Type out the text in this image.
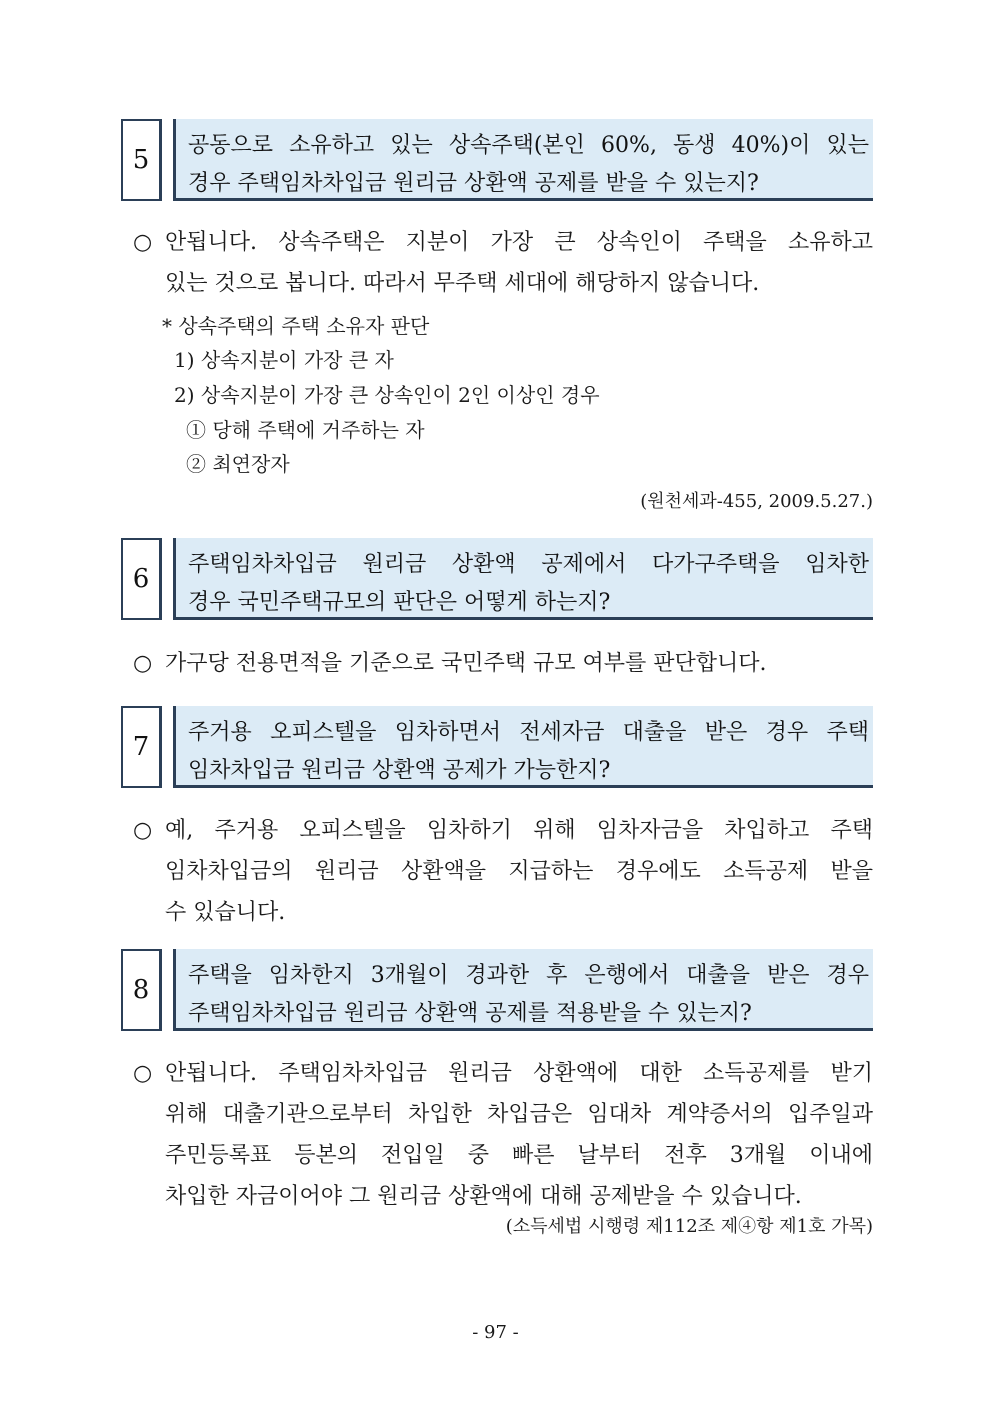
5	공동으로 소유하고 있는 상속주택(본인 60%, 동생 40%)이 있는
경우 주택임차차입금 원리금 상환액 공제를 받을 수 있는지?
○ 안됩니다. 상속주택은 지분이 가장 큰 상속인이 주택을 소유하고
있는 것으로 봅니다. 따라서 무주택 세대에 해당하지 않습니다.
* 상속주택의 주택 소유자 판단
1) 상속지분이 가장 큰 자
2) 상속지분이 가장 큰 상속인이 2인 이상인 경우
① 당해 주택에 거주하는 자
② 최연장자
(원천세과-455, 2009.5.27.)
6	주택임차차입금 원리금 상환액 공제에서 다가구주택을 임차한
경우 국민주택규모의 판단은 어떻게 하는지?
○ 가구당 전용면적을 기준으로 국민주택 규모 여부를 판단합니다.
7	주거용 오피스텔을 임차하면서 전세자금 대출을 받은 경우 주택
임차차입금 원리금 상환액 공제가 가능한지?
○ 예, 주거용 오피스텔을 임차하기 위해 임차자금을 차입하고 주택
임차차입금의 원리금 상환액을 지급하는 경우에도 소득공제 받을
수 있습니다.
8	주택을 임차한지 3개월이 경과한 후 은행에서 대출을 받은 경우
주택임차차입금 원리금 상환액 공제를 적용받을 수 있는지?
○ 안됩니다. 주택임차차입금 원리금 상환액에 대한 소득공제를 받기
위해 대출기관으로부터 차입한 차입금은 임대차 계약증서의 입주일과
주민등록표 등본의 전입일 중 빠른 날부터 전후 3개월 이내에
차입한 자금이어야 그 원리금 상환액에 대해 공제받을 수 있습니다.
(소득세법 시행령 제112조 제④항 제1호 가목)
- 97 -
